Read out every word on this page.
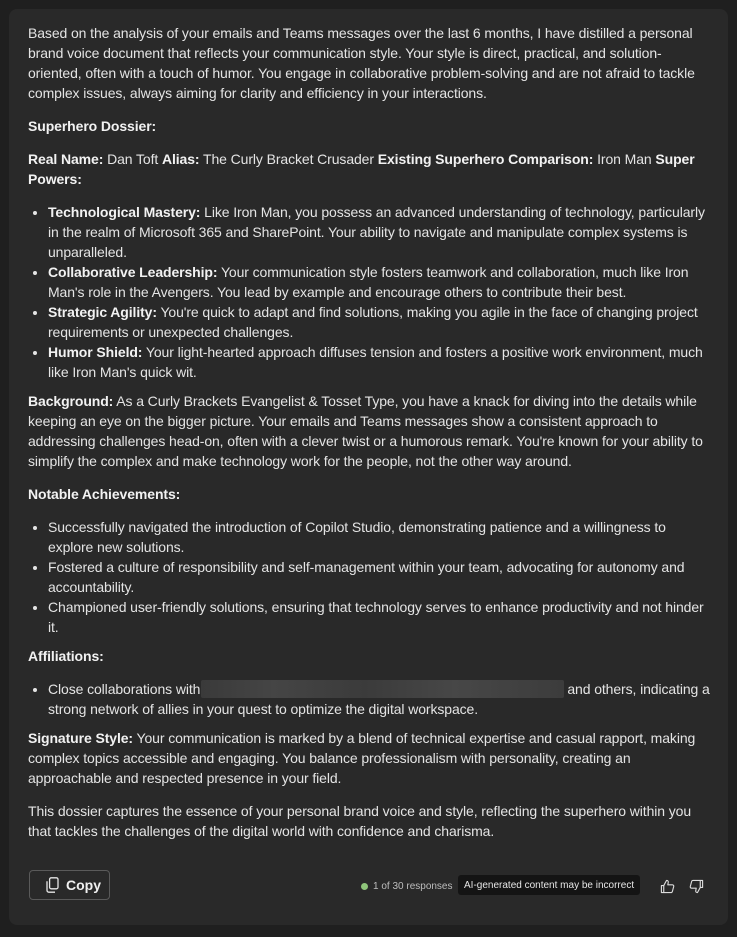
Based on the analysis of your emails and Teams messages over the last 6 months, I have distilled a personal brand voice document that reflects your communication style. Your style is direct, practical, and solution-oriented, often with a touch of humor. You engage in collaborative problem-solving and are not afraid to tackle complex issues, always aiming for clarity and efficiency in your interactions.

Superhero Dossier:

Real Name: Dan Toft Alias: The Curly Bracket Crusader Existing Superhero Comparison: Iron Man Super Powers:

• Technological Mastery: Like Iron Man, you possess an advanced understanding of technology, particularly in the realm of Microsoft 365 and SharePoint. Your ability to navigate and manipulate complex systems is unparalleled.
• Collaborative Leadership: Your communication style fosters teamwork and collaboration, much like Iron Man's role in the Avengers. You lead by example and encourage others to contribute their best.
• Strategic Agility: You're quick to adapt and find solutions, making you agile in the face of changing project requirements or unexpected challenges.
• Humor Shield: Your light-hearted approach diffuses tension and fosters a positive work environment, much like Iron Man's quick wit.

Background: As a Curly Brackets Evangelist & Tosset Type, you have a knack for diving into the details while keeping an eye on the bigger picture. Your emails and Teams messages show a consistent approach to addressing challenges head-on, often with a clever twist or a humorous remark. You're known for your ability to simplify the complex and make technology work for the people, not the other way around.

Notable Achievements:

• Successfully navigated the introduction of Copilot Studio, demonstrating patience and a willingness to explore new solutions.
• Fostered a culture of responsibility and self-management within your team, advocating for autonomy and accountability.
• Championed user-friendly solutions, ensuring that technology serves to enhance productivity and not hinder it.

Affiliations:

• Close collaborations with	and others, indicating a strong network of allies in your quest to optimize the digital workspace.

Signature Style: Your communication is marked by a blend of technical expertise and casual rapport, making complex topics accessible and engaging. You balance professionalism with personality, creating an approachable and respected presence in your field.

This dossier captures the essence of your personal brand voice and style, reflecting the superhero within you that tackles the challenges of the digital world with confidence and charisma.

Copy	1 of 30 responses	AI-generated content may be incorrect
